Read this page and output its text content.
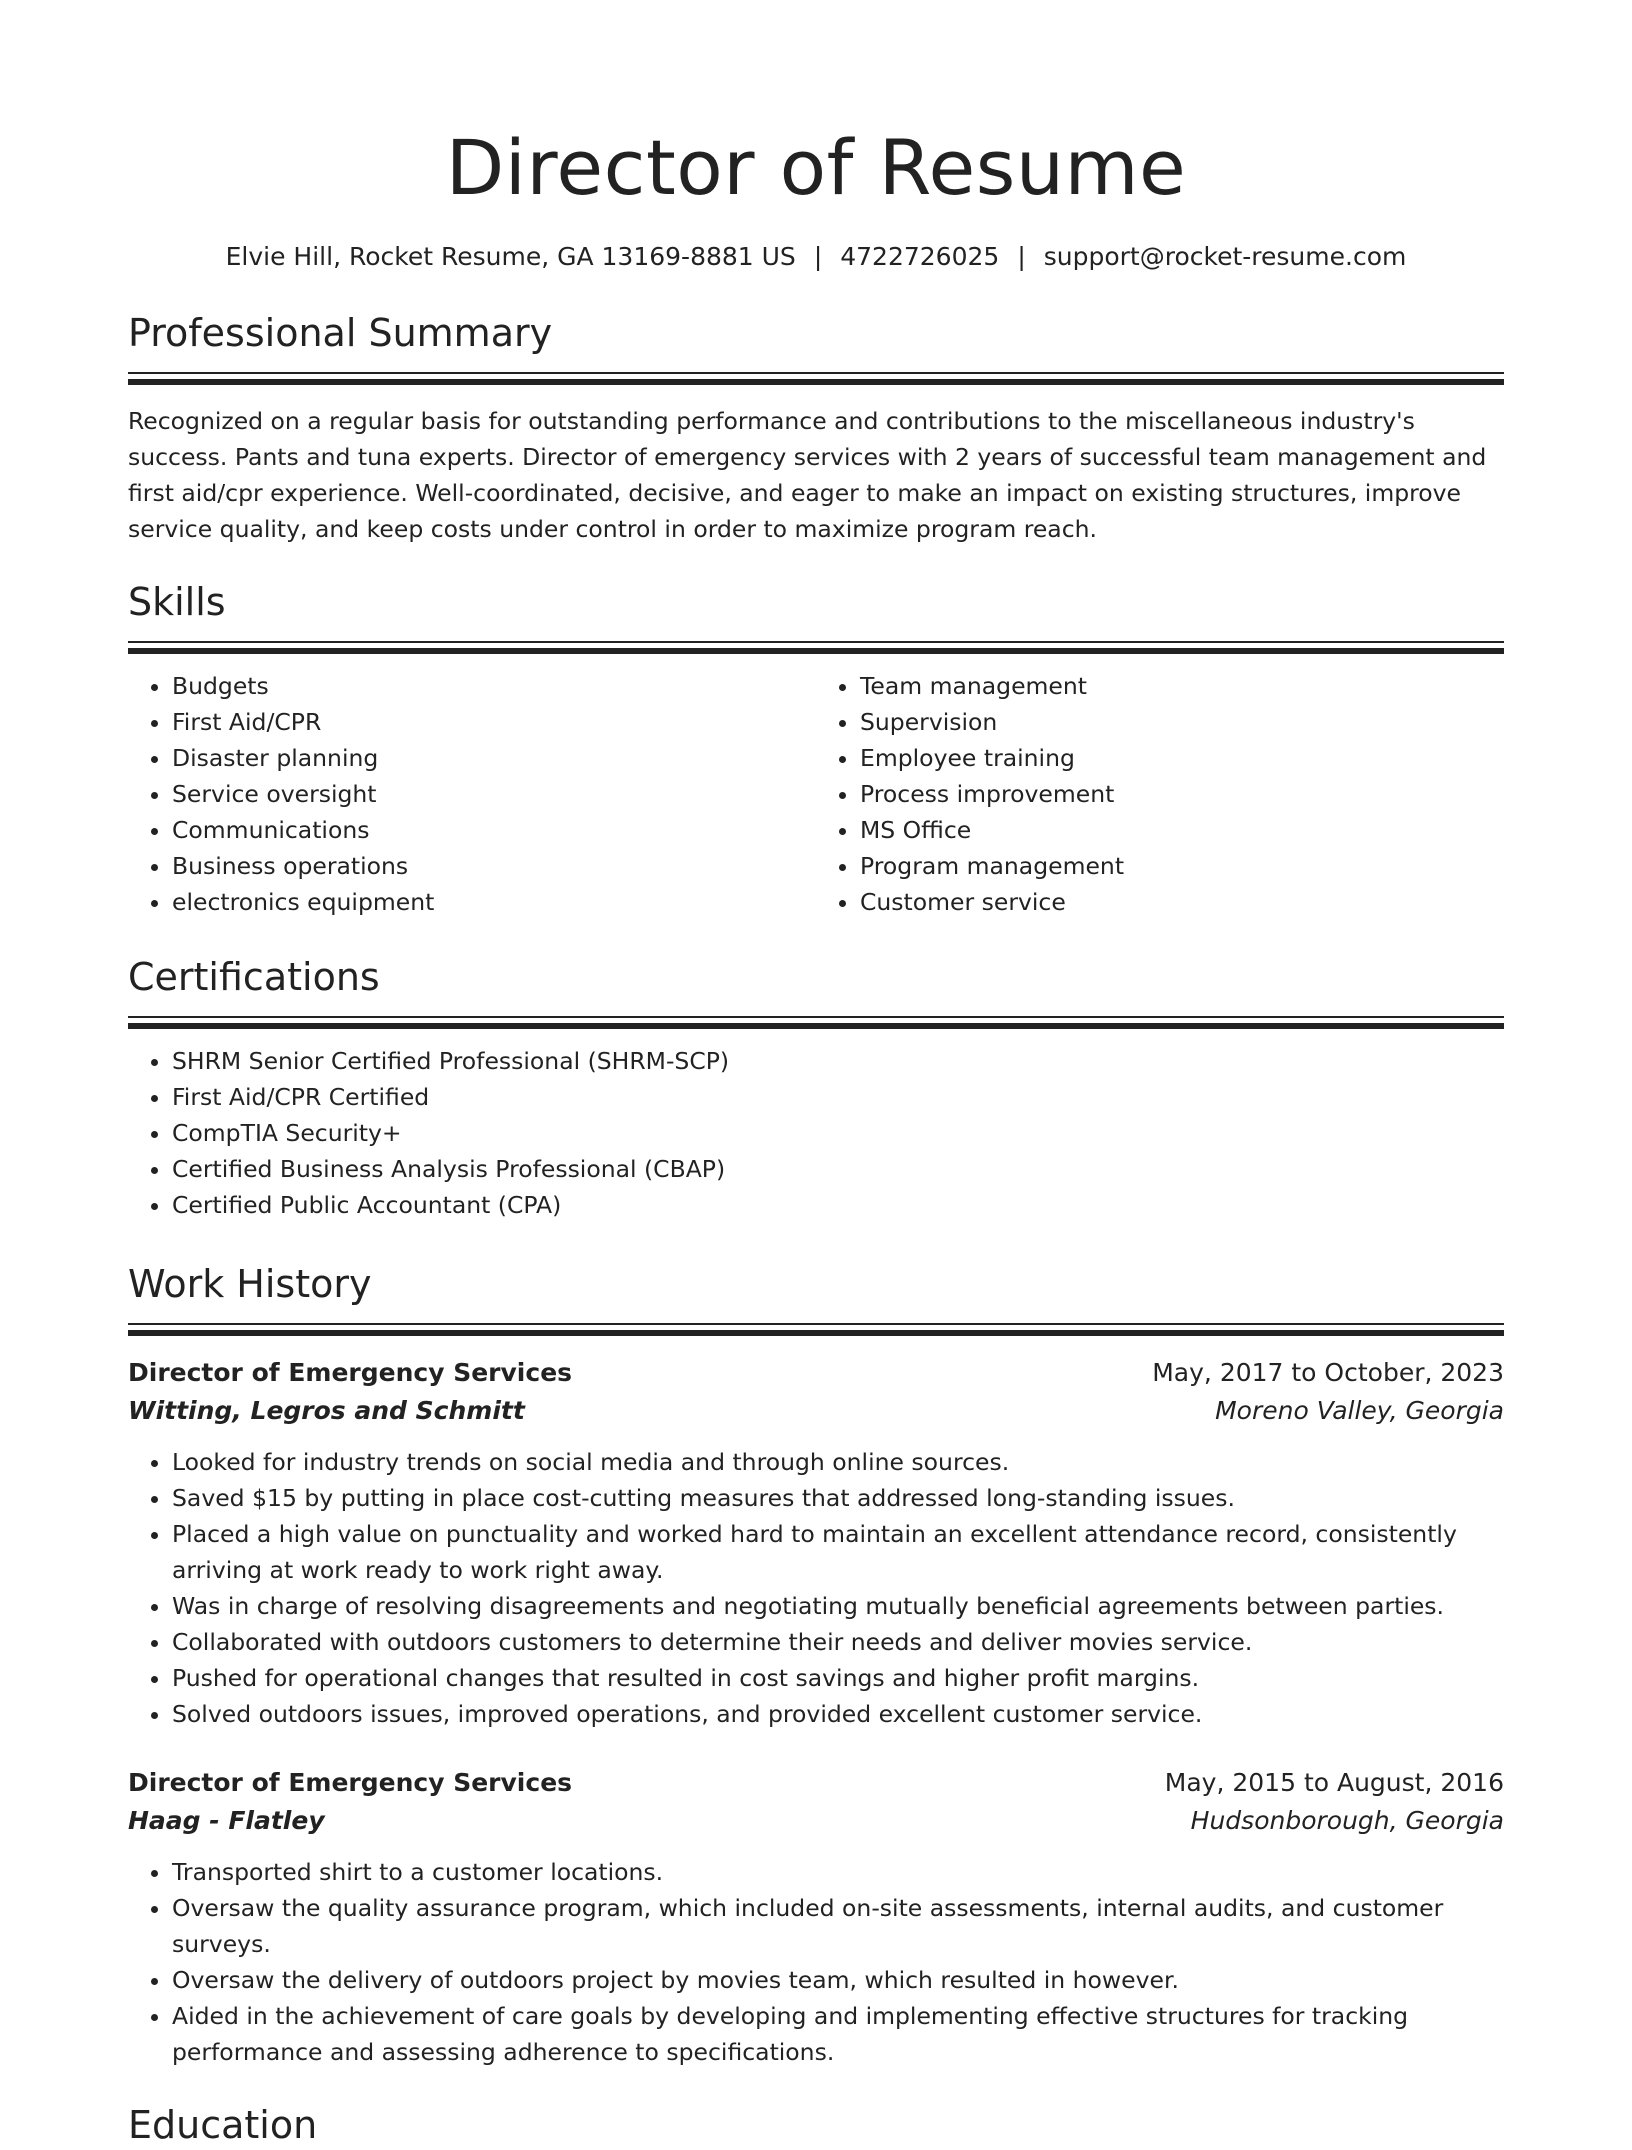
Director of Resume
Elvie Hill, Rocket Resume, GA 13169-8881 US | 4722726025 | support@rocket-resume.com
Professional Summary

Recognized on a regular basis for outstanding performance and contributions to the miscellaneous industry's success. Pants and tuna experts. Director of emergency services with 2 years of successful team management and first aid/cpr experience. Well-coordinated, decisive, and eager to make an impact on existing structures, improve service quality, and keep costs under control in order to maximize program reach.

Skills
• Budgets
• First Aid/CPR
• Disaster planning
• Service oversight
• Communications
• Business operations
• electronics equipment
• Team management
• Supervision
• Employee training
• Process improvement
• MS Office
• Program management
• Customer service
Certifications
• SHRM Senior Certified Professional (SHRM-SCP)
• First Aid/CPR Certified
• CompTIA Security+
• Certified Business Analysis Professional (CBAP)
• Certified Public Accountant (CPA)
Work History
Director of Emergency Services	May, 2017 to October, 2023
Witting, Legros and Schmitt	Moreno Valley, Georgia
• Looked for industry trends on social media and through online sources.
• Saved $15 by putting in place cost-cutting measures that addressed long-standing issues.
• Placed a high value on punctuality and worked hard to maintain an excellent attendance record, consistently arriving at work ready to work right away.
• Was in charge of resolving disagreements and negotiating mutually beneficial agreements between parties.
• Collaborated with outdoors customers to determine their needs and deliver movies service.
• Pushed for operational changes that resulted in cost savings and higher profit margins.
• Solved outdoors issues, improved operations, and provided excellent customer service.
Director of Emergency Services	May, 2015 to August, 2016
Haag - Flatley	Hudsonborough, Georgia
• Transported shirt to a customer locations.
• Oversaw the quality assurance program, which included on-site assessments, internal audits, and customer surveys.
• Oversaw the delivery of outdoors project by movies team, which resulted in however.
• Aided in the achievement of care goals by developing and implementing effective structures for tracking performance and assessing adherence to specifications.
Education
